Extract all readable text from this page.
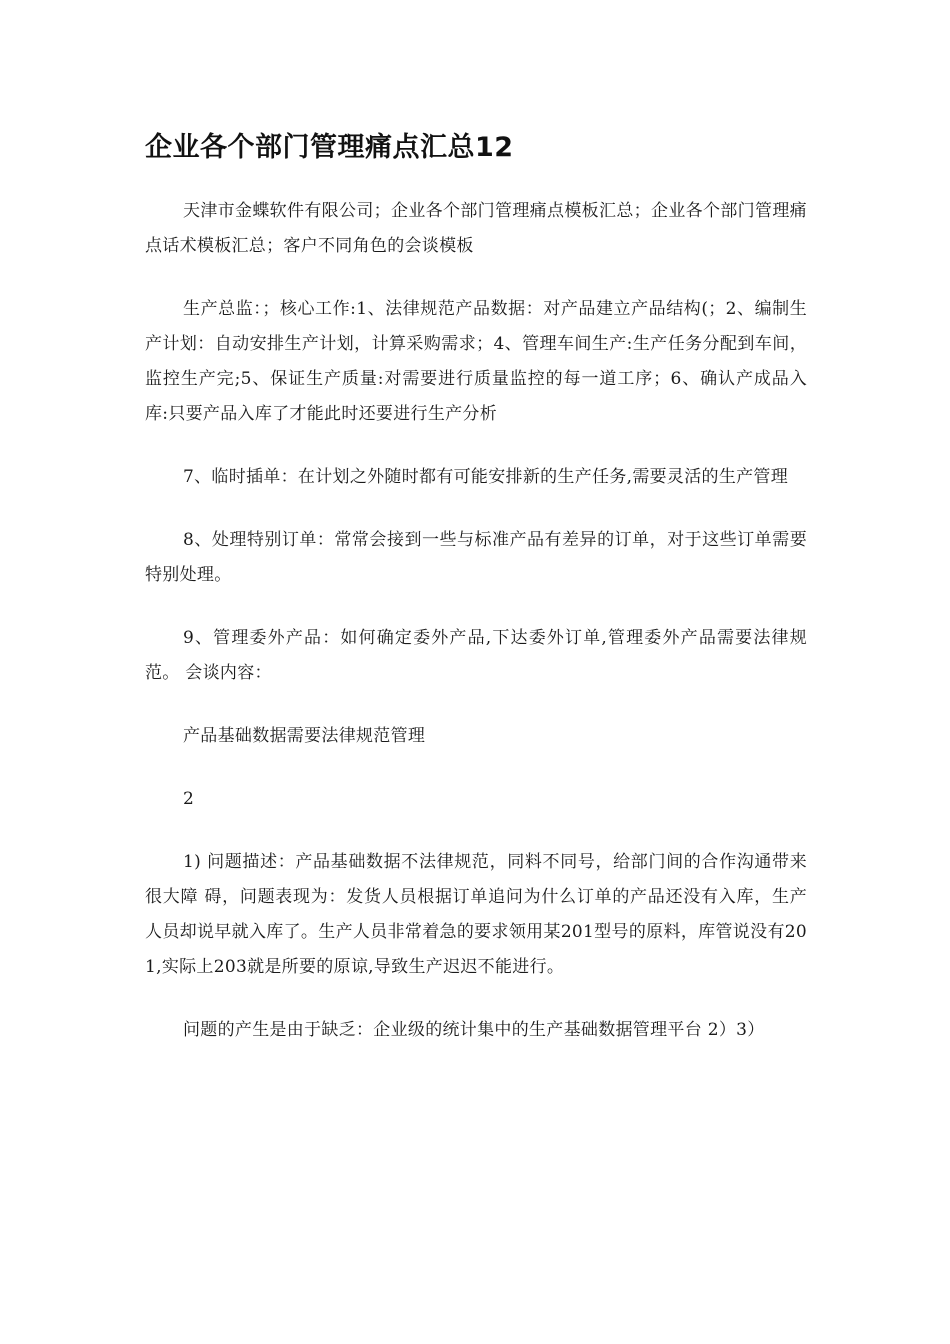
企业各个部门管理痛点汇总12

天津市金蝶软件有限公司；企业各个部门管理痛点模板汇总；企业各个部门管理痛点话术模板汇总；客户不同角色的会谈模板

生产总监：；核心工作:1、法律规范产品数据：对产品建立产品结构(；2、编制生产计划：自动安排生产计划，计算采购需求；4、管理车间生产:生产任务分配到车间，监控生产完;5、保证生产质量:对需要进行质量监控的每一道工序；6、确认产成品入库:只要产品入库了才能此时还要进行生产分析

7、临时插单：在计划之外随时都有可能安排新的生产任务,需要灵活的生产管理

8、处理特别订单：常常会接到一些与标准产品有差异的订单，对于这些订单需要特别处理。

9、管理委外产品：如何确定委外产品,下达委外订单,管理委外产品需要法律规范。 会谈内容：

产品基础数据需要法律规范管理

2

1) 问题描述：产品基础数据不法律规范，同料不同号，给部门间的合作沟通带来很大障 碍，问题表现为：发货人员根据订单追问为什么订单的产品还没有入库，生产人员却说早就入库了。生产人员非常着急的要求领用某201型号的原料，库管说没有201,实际上203就是所要的原谅,导致生产迟迟不能进行。

问题的产生是由于缺乏：企业级的统计集中的生产基础数据管理平台 2）3）
